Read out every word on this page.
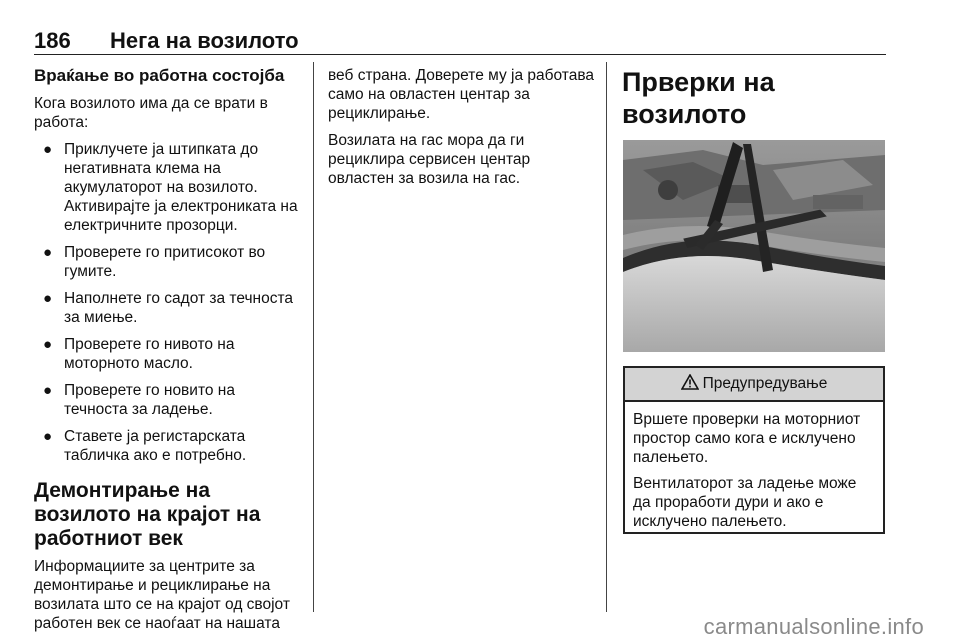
186 Нега на возилото
Враќање во работна состојба

Кога возилото има да се врати в работа:

● Приклучете ја штипката до негативната клема на акумулаторот на возилото. Активирајте ја електрониката на електричните прозорци.
● Проверете го притисокот во гумите.
● Наполнете го садот за течноста за миење.
● Проверете го нивото на моторното масло.
● Проверете го новито на течноста за ладење.
● Ставете ја регистарската табличка ако е потребно.
Демонтирање на возилото на крајот на работниот век

Информациите за центрите за демонтирање и рециклирање на возилата што се на крајот од својот работен век се наоѓаат на нашата

веб страна. Доверете му ја работава само на овластен центар за рециклирање.

Возилата на гас мора да ги рециклира сервисен центар овластен за возила на гас.

Прверки на возилото
Предупредување

Вршете проверки на моторниот простор само кога е исклучено палењето.

Вентилаторот за ладење може да проработи дури и ако е исклучено палењето.

carmanualsonline.info
